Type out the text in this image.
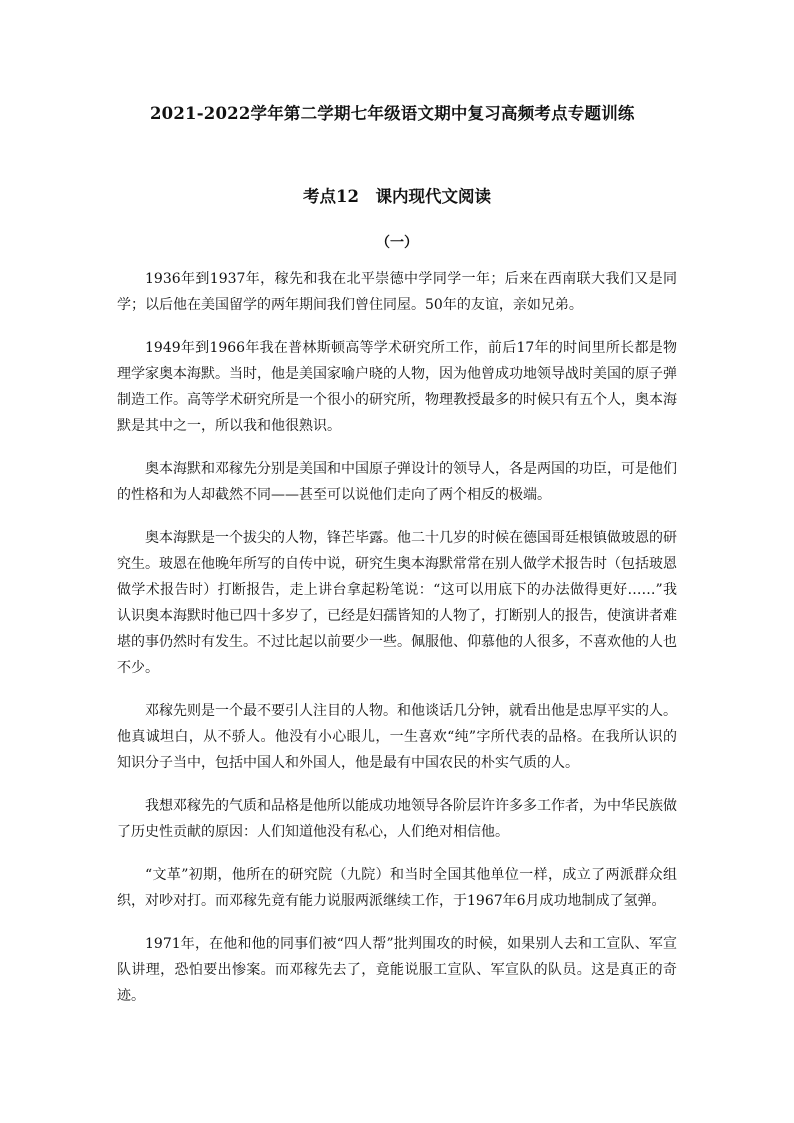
2021-2022学年第二学期七年级语文期中复习高频考点专题训练
考点12　课内现代文阅读
（一）

1936年到1937年，稼先和我在北平崇德中学同学一年；后来在西南联大我们又是同学；以后他在美国留学的两年期间我们曾住同屋。50年的友谊，亲如兄弟。

1949年到1966年我在普林斯顿高等学术研究所工作，前后17年的时间里所长都是物理学家奥本海默。当时，他是美国家喻户晓的人物，因为他曾成功地领导战时美国的原子弹制造工作。高等学术研究所是一个很小的研究所，物理教授最多的时候只有五个人，奥本海默是其中之一，所以我和他很熟识。

奥本海默和邓稼先分别是美国和中国原子弹设计的领导人，各是两国的功臣，可是他们的性格和为人却截然不同——甚至可以说他们走向了两个相反的极端。

奥本海默是一个拔尖的人物，锋芒毕露。他二十几岁的时候在德国哥廷根镇做玻恩的研究生。玻恩在他晚年所写的自传中说，研究生奥本海默常常在别人做学术报告时（包括玻恩做学术报告时）打断报告，走上讲台拿起粉笔说：“这可以用底下的办法做得更好……”我认识奥本海默时他已四十多岁了，已经是妇孺皆知的人物了，打断别人的报告，使演讲者难堪的事仍然时有发生。不过比起以前要少一些。佩服他、仰慕他的人很多，不喜欢他的人也不少。

邓稼先则是一个最不要引人注目的人物。和他谈话几分钟，就看出他是忠厚平实的人。他真诚坦白，从不骄人。他没有小心眼儿，一生喜欢“纯”字所代表的品格。在我所认识的知识分子当中，包括中国人和外国人，他是最有中国农民的朴实气质的人。

我想邓稼先的气质和品格是他所以能成功地领导各阶层许许多多工作者，为中华民族做了历史性贡献的原因：人们知道他没有私心，人们绝对相信他。

“文革”初期，他所在的研究院（九院）和当时全国其他单位一样，成立了两派群众组织，对吵对打。而邓稼先竟有能力说服两派继续工作，于1967年6月成功地制成了氢弹。

1971年，在他和他的同事们被“四人帮”批判围攻的时候，如果别人去和工宣队、军宣队讲理，恐怕要出惨案。而邓稼先去了，竟能说服工宣队、军宣队的队员。这是真正的奇迹。
